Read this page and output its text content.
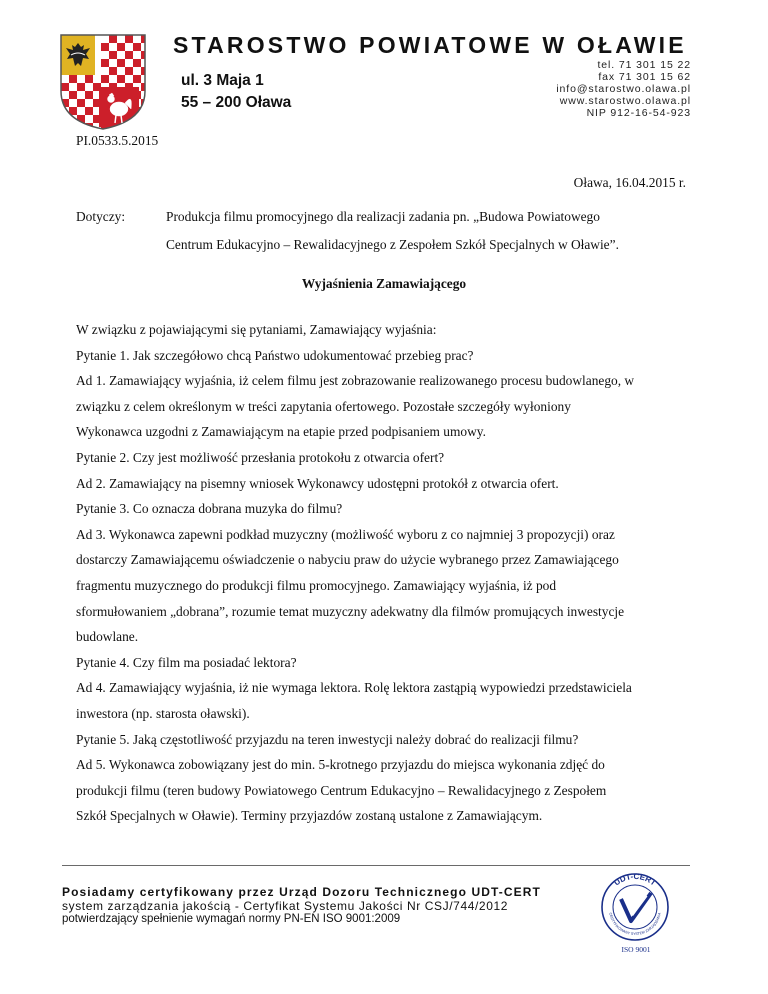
STAROSTWO POWIATOWE W OŁAWIE
ul. 3 Maja 1
55 – 200 Oława
tel. 71 301 15 22
fax 71 301 15 62
info@starostwo.olawa.pl
www.starostwo.olawa.pl
NIP 912-16-54-923
PI.0533.5.2015
Oława, 16.04.2015 r.
Dotyczy:	Produkcja filmu promocyjnego dla realizacji zadania pn. „Budowa Powiatowego
Centrum Edukacyjno – Rewalidacyjnego z Zespołem Szkół Specjalnych w Oławie”.
Wyjaśnienia Zamawiającego
W związku z pojawiającymi się pytaniami, Zamawiający wyjaśnia:
Pytanie 1. Jak szczegółowo chcą Państwo udokumentować przebieg prac?
Ad 1. Zamawiający wyjaśnia, iż celem filmu jest zobrazowanie realizowanego procesu budowlanego, w
związku z celem określonym w treści zapytania ofertowego. Pozostałe szczegóły wyłoniony
Wykonawca uzgodni z Zamawiającym na etapie przed podpisaniem umowy.
Pytanie 2. Czy jest możliwość przesłania protokołu z otwarcia ofert?
Ad 2. Zamawiający na pisemny wniosek Wykonawcy udostępni protokół z otwarcia ofert.
Pytanie 3. Co oznacza dobrana muzyka do filmu?
Ad 3. Wykonawca zapewni podkład muzyczny (możliwość wyboru z co najmniej 3 propozycji) oraz
dostarczy Zamawiającemu oświadczenie o nabyciu praw do użycie wybranego przez Zamawiającego
fragmentu muzycznego do produkcji filmu promocyjnego. Zamawiający wyjaśnia, iż pod
sformułowaniem „dobrana”, rozumie temat muzyczny adekwatny dla filmów promujących inwestycje
budowlane.
Pytanie 4. Czy film ma posiadać lektora?
Ad 4. Zamawiający wyjaśnia, iż nie wymaga lektora. Rolę lektora zastąpią wypowiedzi przedstawiciela
inwestora (np. starosta oławski).
Pytanie 5. Jaką częstotliwość przyjazdu na teren inwestycji należy dobrać do realizacji filmu?
Ad 5. Wykonawca zobowiązany jest do min. 5-krotnego przyjazdu do miejsca wykonania zdjęć do
produkcji filmu (teren budowy Powiatowego Centrum Edukacyjno – Rewalidacyjnego z Zespołem
Szkół Specjalnych w Oławie). Terminy przyjazdów zostaną ustalone z Zamawiającym.
Posiadamy certyfikowany przez Urząd Dozoru Technicznego UDT-CERT
system zarządzania jakością - Certyfikat Systemu Jakości Nr CSJ/744/2012
potwierdzający spełnienie wymagań normy PN-EN ISO 9001:2009
UDT-CERT
CERTYFIKOWANY SYSTEM ZARZĄDZANIA
ISO 9001
